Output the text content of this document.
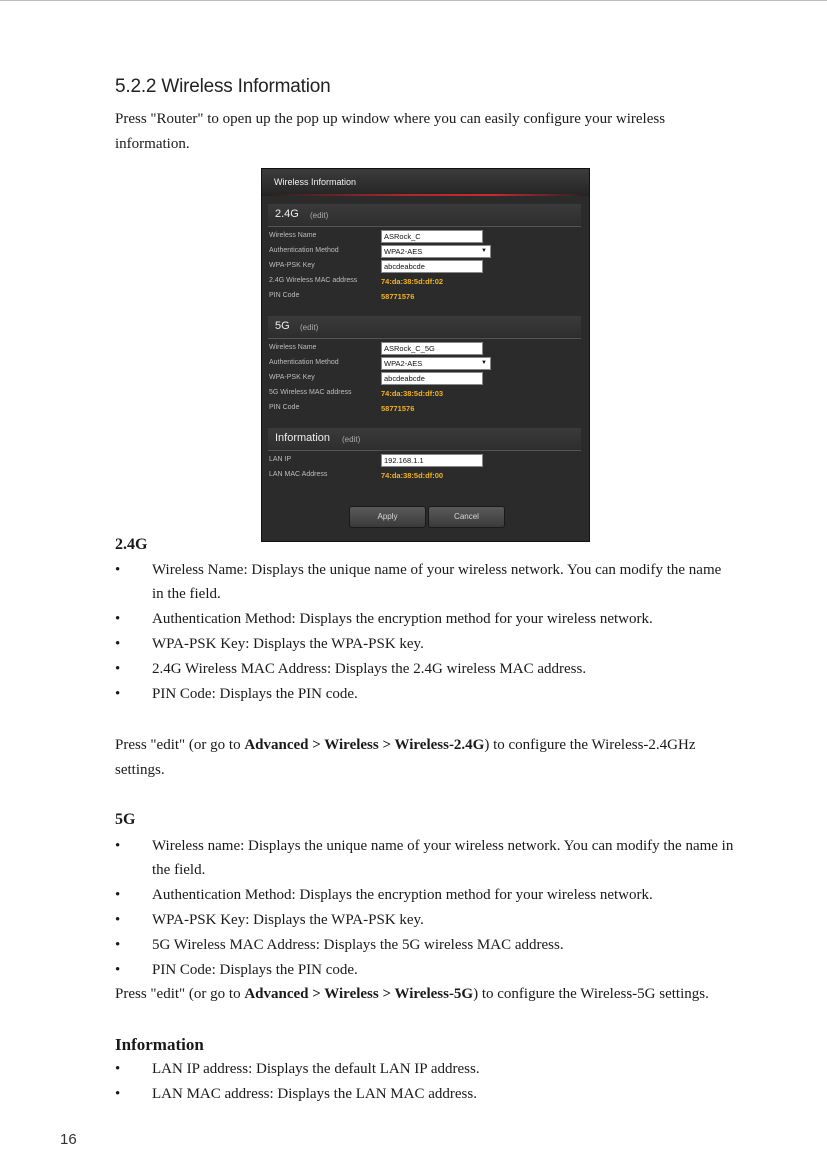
5.2.2 Wireless Information
Press "Router" to open up the pop up window where you can easily configure your wireless information.
Wireless Information
2.4G (edit)
Wireless Name	ASRock_C
Authentication Method	WPA2-AES	▼
WPA-PSK Key	abcdeabcde
2.4G Wireless MAC address	74:da:38:5d:df:02
PIN Code	58771576
5G (edit)
Wireless Name	ASRock_C_5G
Authentication Method	WPA2-AES	▼
WPA-PSK Key	abcdeabcde
5G Wireless MAC address	74:da:38:5d:df:03
PIN Code	58771576
Information (edit)
LAN IP	192.168.1.1
LAN MAC Address	74:da:38:5d:df:00
Apply	Cancel
2.4G
• Wireless Name: Displays the unique name of your wireless network. You can modify the name in the field.
• Authentication Method: Displays the encryption method for your wireless network.
• WPA-PSK Key: Displays the WPA-PSK key.
• 2.4G Wireless MAC Address: Displays the 2.4G wireless MAC address.
• PIN Code: Displays the PIN code.
Press "edit" (or go to Advanced > Wireless > Wireless-2.4G) to configure the Wireless-2.4GHz settings.
5G
• Wireless name: Displays the unique name of your wireless network. You can modify the name in the field.
• Authentication Method: Displays the encryption method for your wireless network.
• WPA-PSK Key: Displays the WPA-PSK key.
• 5G Wireless MAC Address: Displays the 5G wireless MAC address.
• PIN Code: Displays the PIN code.
Press "edit" (or go to Advanced > Wireless > Wireless-5G) to configure the Wireless-5G settings.
Information
• LAN IP address: Displays the default LAN IP address.
• LAN MAC address: Displays the LAN MAC address.
16
